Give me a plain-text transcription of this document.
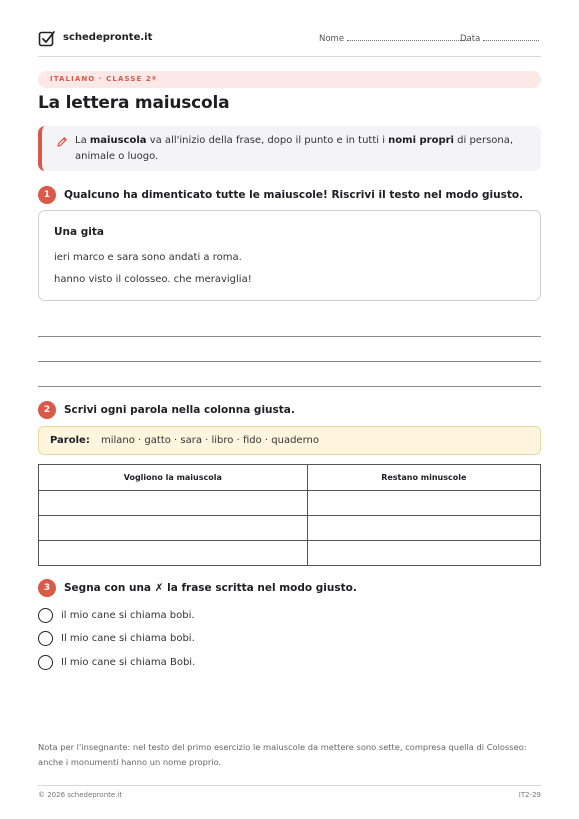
schedepronte.it	Nome	Data
ITALIANO · CLASSE 2ª
La lettera maiuscola
La maiuscola va all'inizio della frase, dopo il punto e in tutti i nomi propri di persona, animale o luogo.
1 Qualcuno ha dimenticato tutte le maiuscole! Riscrivi il testo nel modo giusto.
Una gita
ieri marco e sara sono andati a roma.
hanno visto il colosseo. che meraviglia!
2 Scrivi ogni parola nella colonna giusta.
Parole: milano · gatto · sara · libro · fido · quaderno
Vogliono la maiuscola	Restano minuscole

3 Segna con una ✗ la frase scritta nel modo giusto.
il mio cane si chiama bobi.
Il mio cane si chiama bobi.
Il mio cane si chiama Bobi.
Nota per l'insegnante: nel testo del primo esercizio le maiuscole da mettere sono sette, compresa quella di Colosseo: anche i monumenti hanno un nome proprio.
© 2026 schedepronte.it	IT2-29
